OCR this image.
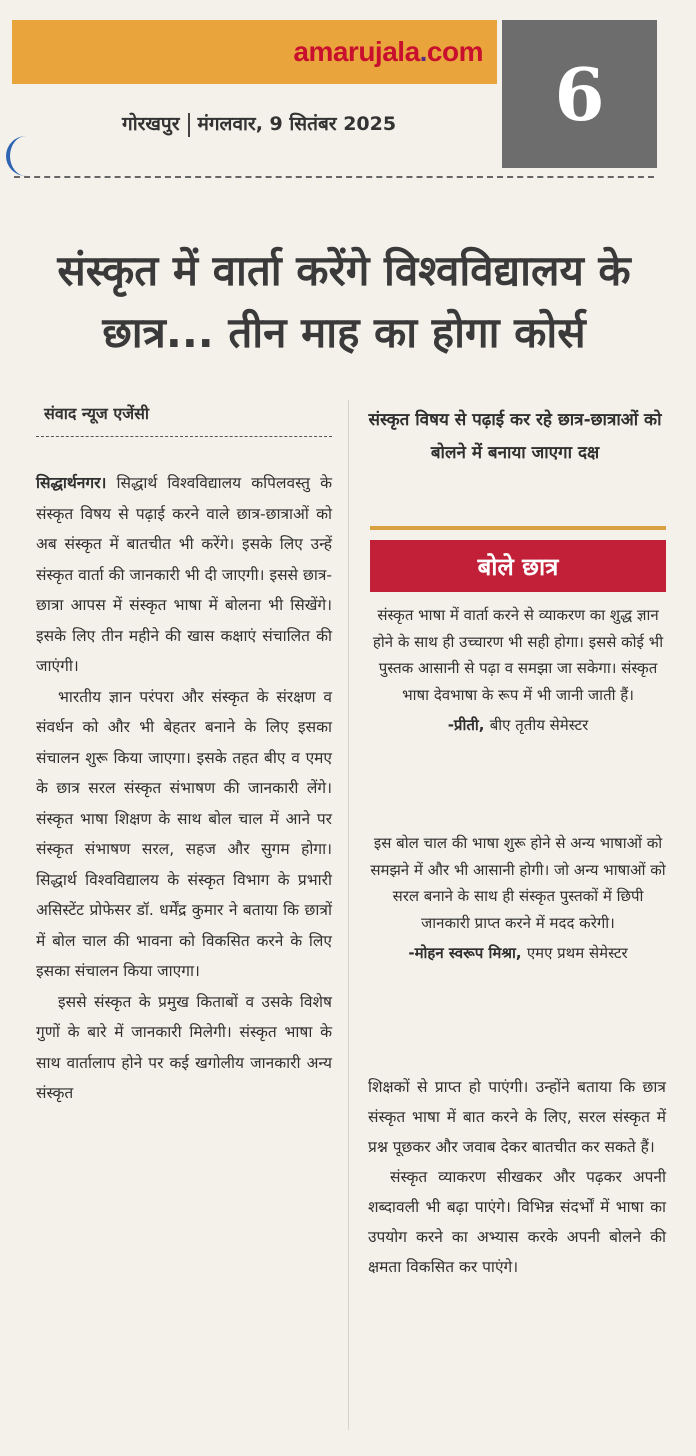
amarujala.com 6
गोरखपुर मंगलवार, 9 सितंबर 2025
संस्कृत में वार्ता करेंगे विश्वविद्यालय के छात्र... तीन माह का होगा कोर्स
संवाद न्यूज एजेंसी

सिद्धार्थनगर। सिद्धार्थ विश्वविद्यालय कपिलवस्तु के संस्कृत विषय से पढ़ाई करने वाले छात्र-छात्राओं को अब संस्कृत में बातचीत भी करेंगे। इसके लिए उन्हें संस्कृत वार्ता की जानकारी भी दी जाएगी। इससे छात्र-छात्रा आपस में संस्कृत भाषा में बोलना भी सिखेंगे। इसके लिए तीन महीने की खास कक्षाएं संचालित की जाएंगी।

भारतीय ज्ञान परंपरा और संस्कृत के संरक्षण व संवर्धन को और भी बेहतर बनाने के लिए इसका संचालन शुरू किया जाएगा। इसके तहत बीए व एमए के छात्र सरल संस्कृत संभाषण की जानकारी लेंगे। संस्कृत भाषा शिक्षण के साथ बोल चाल में आने पर संस्कृत संभाषण सरल, सहज और सुगम होगा। सिद्धार्थ विश्वविद्यालय के संस्कृत विभाग के प्रभारी असिस्टेंट प्रोफेसर डॉ. धर्मेंद्र कुमार ने बताया कि छात्रों में बोल चाल की भावना को विकसित करने के लिए इसका संचालन किया जाएगा।

इससे संस्कृत के प्रमुख किताबों व उसके विशेष गुणों के बारे में जानकारी मिलेगी। संस्कृत भाषा के साथ वार्तालाप होने पर कई खगोलीय जानकारी अन्य संस्कृत

संस्कृत विषय से पढ़ाई कर रहे छात्र-छात्राओं को बोलने में बनाया जाएगा दक्ष

बोले छात्र

संस्कृत भाषा में वार्ता करने से व्याकरण का शुद्ध ज्ञान होने के साथ ही उच्चारण भी सही होगा। इससे कोई भी पुस्तक आसानी से पढ़ा व समझा जा सकेगा। संस्कृत भाषा देवभाषा के रूप में भी जानी जाती हैं।

-प्रीती, बीए तृतीय सेमेस्टर

इस बोल चाल की भाषा शुरू होने से अन्य भाषाओं को समझने में और भी आसानी होगी। जो अन्य भाषाओं को सरल बनाने के साथ ही संस्कृत पुस्तकों में छिपी जानकारी प्राप्त करने में मदद करेगी।

-मोहन स्वरूप मिश्रा, एमए प्रथम सेमेस्टर

शिक्षकों से प्राप्त हो पाएंगी। उन्होंने बताया कि छात्र संस्कृत भाषा में बात करने के लिए, सरल संस्कृत में प्रश्न पूछकर और जवाब देकर बातचीत कर सकते हैं।

संस्कृत व्याकरण सीखकर और पढ़कर अपनी शब्दावली भी बढ़ा पाएंगे। विभिन्न संदर्भों में भाषा का उपयोग करने का अभ्यास करके अपनी बोलने की क्षमता विकसित कर पाएंगे।
